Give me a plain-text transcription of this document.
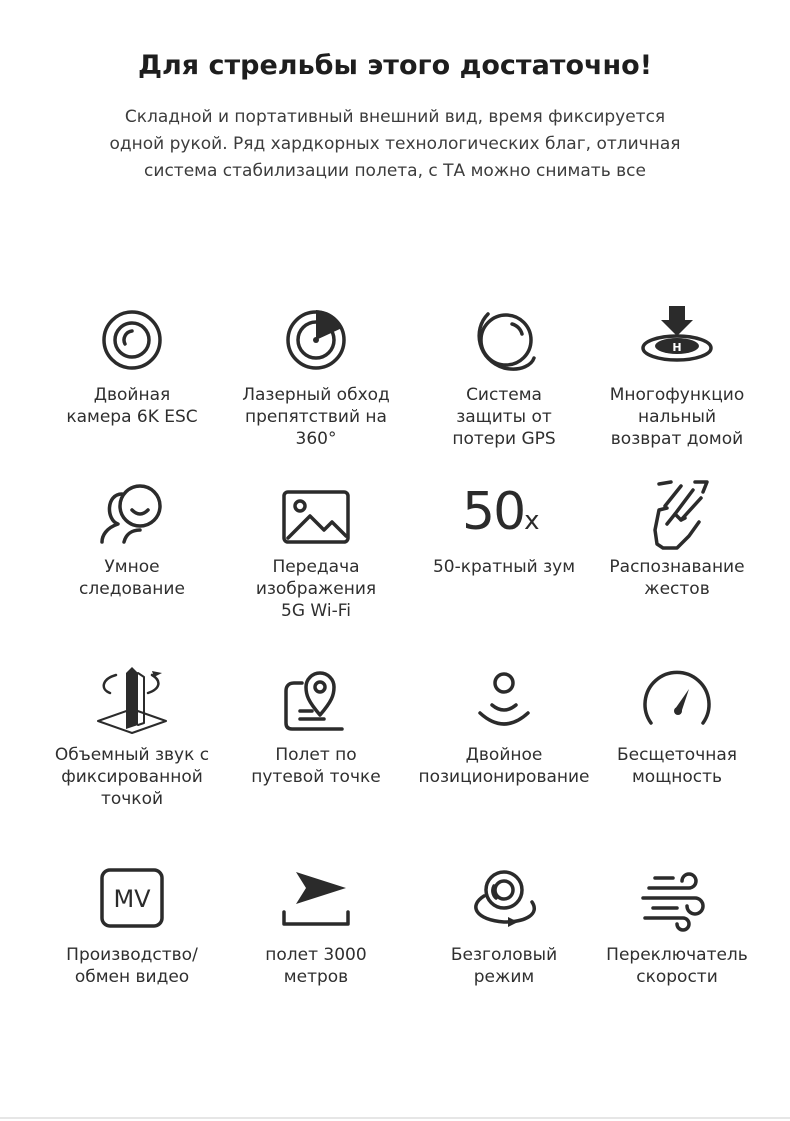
Для стрельбы этого достаточно!

Складной и портативный внешний вид, время фиксируется одной рукой. Ряд хардкорных технологических благ, отличная система стабилизации полета, с ТА можно снимать все

Двойная
камера 6K ESC
Лазерный обход
препятствий на
360°
Система
защиты от
потери GPS
H
Многофункцио
нальный
возврат домой
Умное
следование
Передача
изображения
5G Wi-Fi
50x
50-кратный зум	Распознавание
жестов
Объемный звук с
фиксированной
точкой
Полет по
путевой точке
Двойное
позиционирование
Бесщеточная
мощность
MV
Производство/
обмен видео
полет 3000
метров
Безголовый
режим
Переключатель
скорости
